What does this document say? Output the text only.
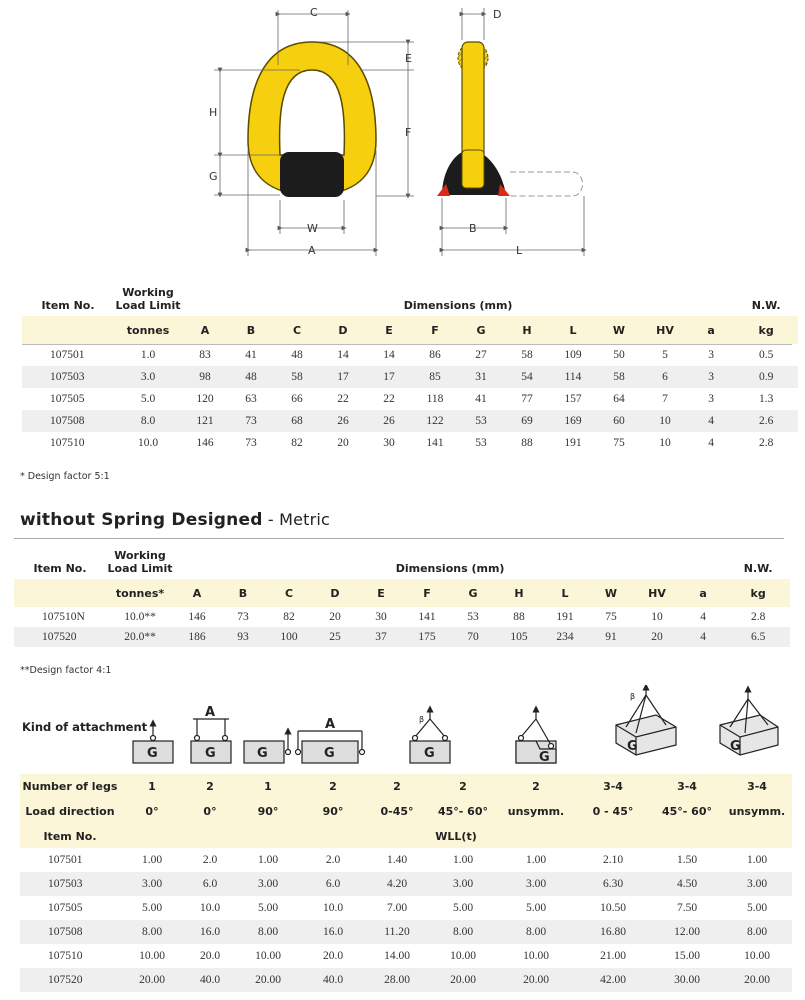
C
E
H
F
G
W
A
D
B
L
Item No.	Working Load Limit	Dimensions (mm)												N.W.
	tonnes	A	B	C	D	E	F	G	H	L	W	HV	a	kg
107501	1.0	83	41	48	14	14	86	27	58	109	50	5	3	0.5
107503	3.0	98	48	58	17	17	85	31	54	114	58	6	3	0.9
107505	5.0	120	63	66	22	22	118	41	77	157	64	7	3	1.3
107508	8.0	121	73	68	26	26	122	53	69	169	60	10	4	2.6
107510	10.0	146	73	82	20	30	141	53	88	191	75	10	4	2.8
* Design factor 5:1
without Spring Designed - Metric
Item No.	Working Load Limit	Dimensions (mm)												N.W.
	tonnes*	A	B	C	D	E	F	G	H	L	W	HV	a	kg
107510N	10.0**	146	73	82	20	30	141	53	88	191	75	10	4	2.8
107520	20.0**	186	93	100	25	37	175	70	105	234	91	20	4	6.5
**Design factor 4:1
Kind of attachment
G
A
G	G
A
G	G
β
G
G
β
G
Number of legs	1	2	1	2	2	2	2	3-4	3-4	3-4
Load direction	0°	0°	90°	90°	0-45°	45°- 60°	unsymm.	0 - 45°	45°- 60°	unsymm.
Item No.	WLL(t)									
107501	1.00	2.0	1.00	2.0	1.40	1.00	1.00	2.10	1.50	1.00
107503	3.00	6.0	3.00	6.0	4.20	3.00	3.00	6.30	4.50	3.00
107505	5.00	10.0	5.00	10.0	7.00	5.00	5.00	10.50	7.50	5.00
107508	8.00	16.0	8.00	16.0	11.20	8.00	8.00	16.80	12.00	8.00
107510	10.00	20.0	10.00	20.0	14.00	10.00	10.00	21.00	15.00	10.00
107520	20.00	40.0	20.00	40.0	28.00	20.00	20.00	42.00	30.00	20.00
